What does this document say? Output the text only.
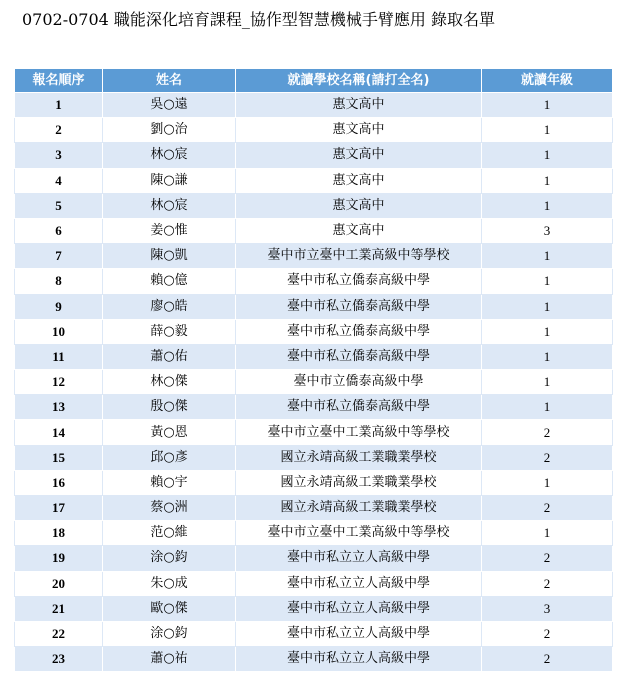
0702-0704 職能深化培育課程_協作型智慧機械手臂應用 錄取名單
報名順序	姓名	就讀學校名稱(請打全名)	就讀年級
1	吳○遠	惠文高中	1
2	劉○治	惠文高中	1
3	林○宸	惠文高中	1
4	陳○謙	惠文高中	1
5	林○宸	惠文高中	1
6	姜○惟	惠文高中	3
7	陳○凱	臺中市立臺中工業高級中等學校	1
8	賴○億	臺中市私立僑泰高級中學	1
9	廖○皓	臺中市私立僑泰高級中學	1
10	薛○毅	臺中市私立僑泰高級中學	1
11	蕭○佑	臺中市私立僑泰高級中學	1
12	林○傑	臺中市立僑泰高級中學	1
13	殷○傑	臺中市私立僑泰高級中學	1
14	黃○恩	臺中市立臺中工業高級中等學校	2
15	邱○彥	國立永靖高級工業職業學校	2
16	賴○宇	國立永靖高級工業職業學校	1
17	蔡○洲	國立永靖高級工業職業學校	2
18	范○維	臺中市立臺中工業高級中等學校	1
19	涂○鈞	臺中市私立立人高級中學	2
20	朱○成	臺中市私立立人高級中學	2
21	歐○傑	臺中市私立立人高級中學	3
22	涂○鈞	臺中市私立立人高級中學	2
23	蕭○祐	臺中市私立立人高級中學	2
